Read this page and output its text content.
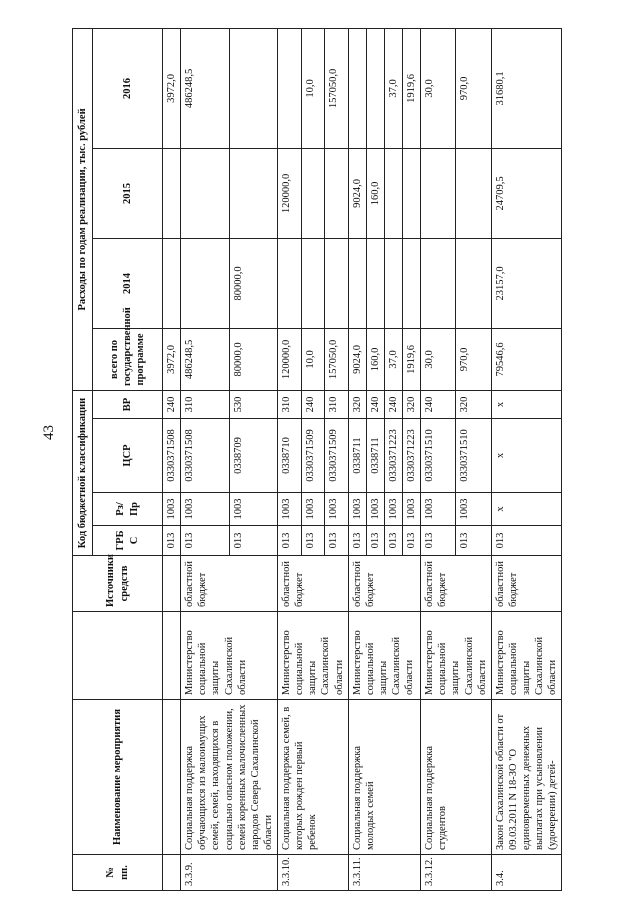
43
№ пп.	Наименование мероприятия		Источники средств	Код бюджетной классификации				Расходы по годам реализации, тыс. рублей			
				ГРБ С	Рз/ Пр	ЦСР	ВР	всего по государственной программе	2014	2015	2016
				013	1003	0330371508	240	3972,0			3972,0
3.3.9.	Социальная поддержка обучающихся из малоимущих семей, семей, находящихся в социально опасном положении, семей коренных малочисленных народов Севера Сахалинской области	Министерство социальной защиты Сахалинской области	областной бюджет	013	1003	0330371508	310	486248,5			486248,5
				013	1003	0338709	530	80000,0	80000,0		
3.3.10.	Социальная поддержка семей, в которых рожден первый ребенок	Министерство социальной защиты Сахалинской области	областной бюджет	013	1003	0338710	310	120000,0		120000,0	
				013	1003	0330371509	240	10,0			10,0
				013	1003	0330371509	310	157050,0			157050,0
3.3.11.	Социальная поддержка молодых семей	Министерство социальной защиты Сахалинской области	областной бюджет	013	1003	0338711	320	9024,0		9024,0	
				013	1003	0338711	240	160,0		160,0	
				013	1003	0330371223	240	37,0			37,0
				013	1003	0330371223	320	1919,6			1919,6
3.3.12.	Социальная поддержка студентов	Министерство социальной защиты Сахалинской области	областной бюджет	013	1003	0330371510	240	30,0			30,0
				013	1003	0330371510	320	970,0			970,0
3.4.	Закон Сахалинской области от 09.03.2011 N 18-ЗО "О единовременных денежных выплатах при усыновлении (удочерении) детей-	Министерство социальной защиты Сахалинской области	областной бюджет	013	x	x	x	79546,6	23157,0	24709,5	31680,1
